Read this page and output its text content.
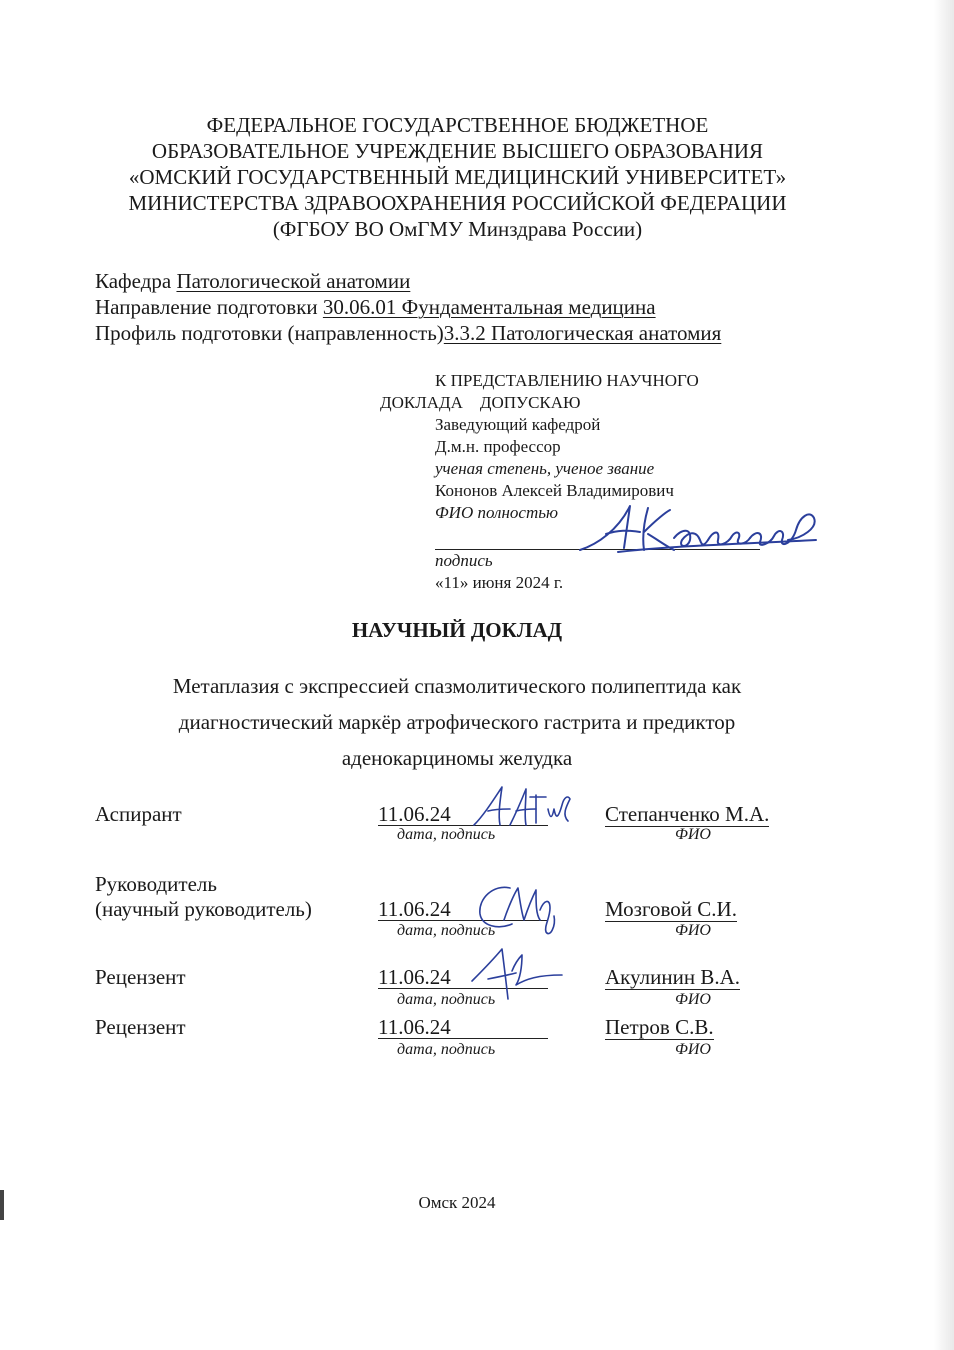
ФЕДЕРАЛЬНОЕ ГОСУДАРСТВЕННОЕ БЮДЖЕТНОЕ
ОБРАЗОВАТЕЛЬНОЕ УЧРЕЖДЕНИЕ ВЫСШЕГО ОБРАЗОВАНИЯ
«ОМСКИЙ ГОСУДАРСТВЕННЫЙ МЕДИЦИНСКИЙ УНИВЕРСИТЕТ»
МИНИСТЕРСТВА ЗДРАВООХРАНЕНИЯ РОССИЙСКОЙ ФЕДЕРАЦИИ
(ФГБОУ ВО ОмГМУ Минздрава России)
Кафедра Патологической анатомии
Направление подготовки 30.06.01 Фундаментальная медицина
Профиль подготовки (направленность)3.3.2 Патологическая анатомия
К ПРЕДСТАВЛЕНИЮ НАУЧНОГО
ДОКЛАДА    ДОПУСКАЮ
Заведующий кафедрой
Д.м.н. профессор
ученая степень, ученое звание
Кононов Алексей Владимирович
ФИО полностью
подпись
«11» июня 2024 г.
НАУЧНЫЙ ДОКЛАД
Метаплазия с экспрессией спазмолитического полипептида как
диагностический маркёр атрофического гастрита и предиктор
аденокарциномы желудка
Аспирант	11.06.24	Степанченко М.А.
дата, подпись	ФИО
Руководитель
(научный руководитель)	11.06.24	Мозговой С.И.
дата, подпись	ФИО
Рецензент	11.06.24	Акулинин В.А.
дата, подпись	ФИО
Рецензент	11.06.24	Петров С.В.
дата, подпись	ФИО
Омск 2024
